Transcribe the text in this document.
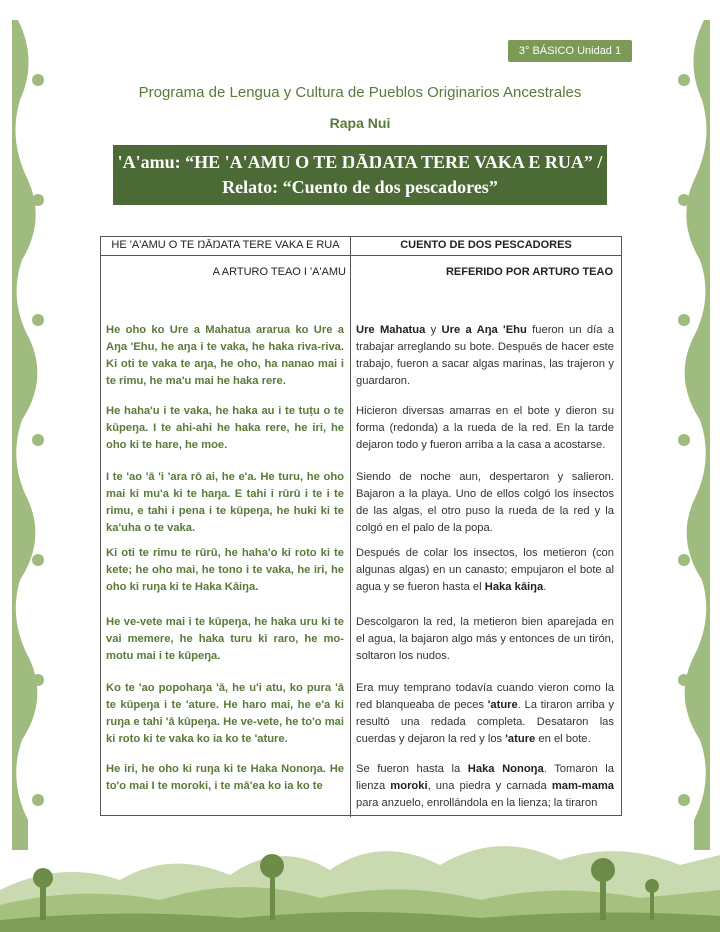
3° BÁSICO Unidad 1
Programa de Lengua y Cultura de Pueblos Originarios Ancestrales
Rapa Nui
'A'amu: “HE 'A'AMU O TE ŊĀŊATA TERE VAKA E RUA” /
Relato: “Cuento de dos pescadores”
HE 'A'AMU O TE ŊĀŊATA TERE VAKA E RUA	CUENTO DE DOS PESCADORES
A ARTURO TEAO I 'A'AMU	REFERIDO POR ARTURO TEAO
He oho ko Ure a Mahatua ararua ko Ure a Aŋa 'Ehu, he aŋa i te vaka, he haka riva-riva. Ki oti te vaka te aŋa, he oho, ha nanao mai i te rimu, he ma'u mai he haka rere.
He haha'u i te vaka, he haka au i te tuṭu o te kūpeŋa. I te ahi-ahi he haka rere, he iri, he oho ki te hare, he moe.
I te 'ao 'ā 'i 'ara rō ai, he e'a. He turu, he oho mai ki mu'a ki te haŋa. E tahi i rūrū i te i te rimu, e tahi i pena i te kūpeŋa, he huki ki te ka'uha o te vaka.
Ki oti te rimu te rūrū, he haha'o ki roto ki te kete; he oho mai, he tono i te vaka, he iri, he oho ki ruŋa ki te Haka Kāiŋa.
He ve-vete mai i te kūpeŋa, he haka uru ki te vai memere, he haka turu ki raro, he mo-motu mai i te kūpeŋa.
Ko te 'ao popohaŋa 'ā, he u'i atu, ko pura 'ā te kūpeŋa i te 'ature. He haro mai, he e'a ki ruŋa e tahi 'ā kūpeŋa. He ve-vete, he to'o mai ki roto ki te vaka ko ia ko te 'ature.
He iri, he oho ki ruŋa ki te Haka Nonoŋa. He to'o mai I te moroki, i te mā'ea ko ia ko te
Ure Mahatua y Ure a Aŋa 'Ehu fueron un día a trabajar arreglando su bote. Después de hacer este trabajo, fueron a sacar algas marinas, las trajeron y guardaron.
Hicieron diversas amarras en el bote y dieron su forma (redonda) a la rueda de la red. En la tarde dejaron todo y fueron arriba a la casa a acostarse.
Siendo de noche aun, despertaron y salieron. Bajaron a la playa. Uno de ellos colgó los insectos de las algas, el otro puso la rueda de la red y la colgó en el palo de la popa.
Después de colar los insectos, los metieron (con algunas algas) en un canasto; empujaron el bote al agua y se fueron hasta el Haka kāiŋa.
Descolgaron la red, la metieron bien aparejada en el agua, la bajaron algo más y entonces de un tirón, soltaron los nudos.
Era muy temprano todavía cuando vieron como la red blanqueaba de peces 'ature. La tiraron arriba y resultó una redada completa. Desataron las cuerdas y dejaron la red y los 'ature en el bote.
Se fueron hasta la Haka Nonoŋa. Tomaron la lienza moroki, una piedra y carnada mam-mama para anzuelo, enrollándola en la lienza; la tiraron
